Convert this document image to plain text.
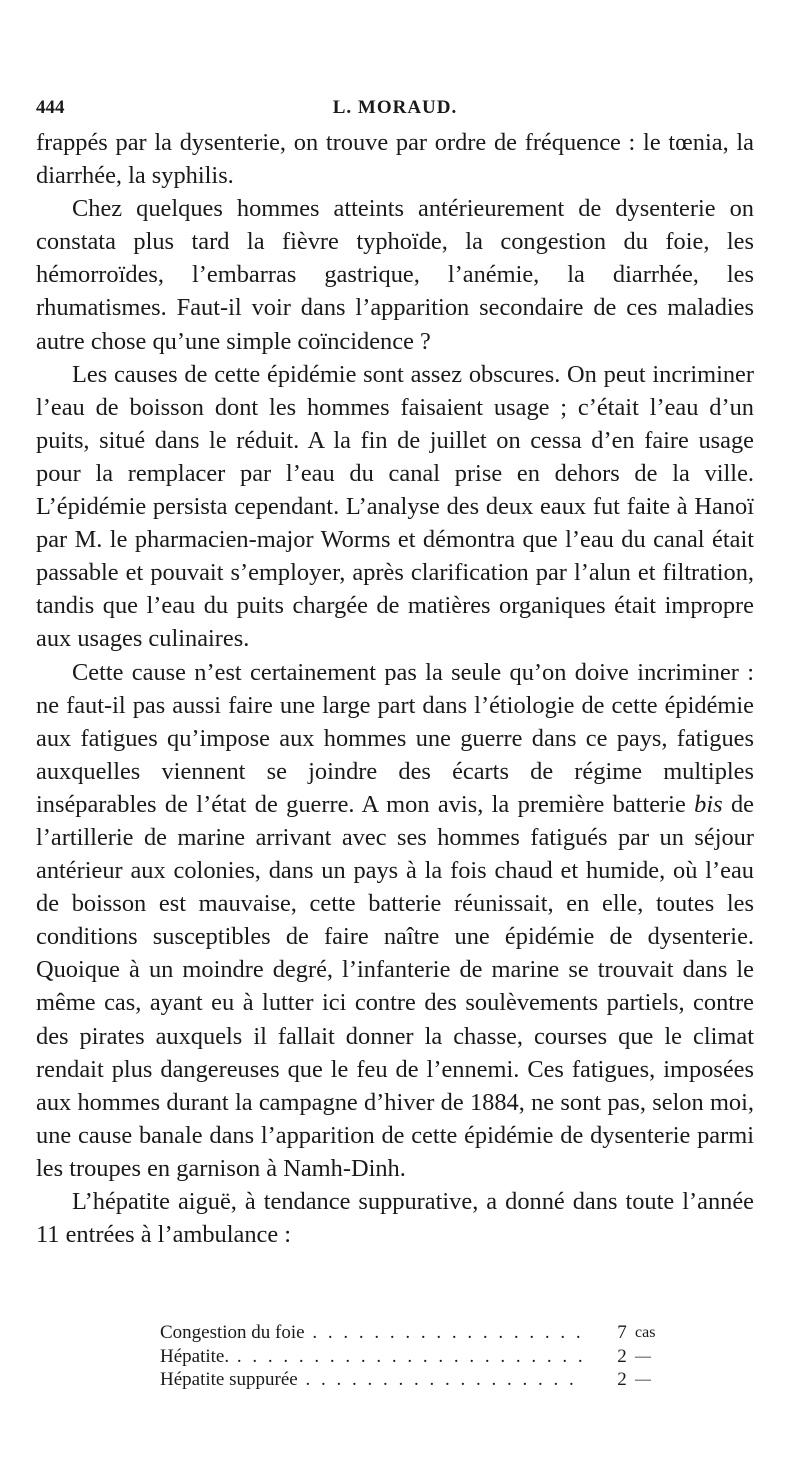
444	L. MORAUD.

frappés par la dysenterie, on trouve par ordre de fréquence : le tœnia, la diarrhée, la syphilis.

Chez quelques hommes atteints antérieurement de dysenterie on constata plus tard la fièvre typhoïde, la congestion du foie, les hémorroïdes, l’embarras gastrique, l’anémie, la diarrhée, les rhumatismes. Faut-il voir dans l’apparition secondaire de ces maladies autre chose qu’une simple coïncidence ?

Les causes de cette épidémie sont assez obscures. On peut incriminer l’eau de boisson dont les hommes faisaient usage ; c’était l’eau d’un puits, situé dans le réduit. A la fin de juillet on cessa d’en faire usage pour la remplacer par l’eau du canal prise en dehors de la ville. L’épidémie persista cependant. L’analyse des deux eaux fut faite à Hanoï par M. le pharmacien-major Worms et démontra que l’eau du canal était passable et pouvait s’employer, après clarification par l’alun et filtration, tandis que l’eau du puits chargée de matières organiques était impropre aux usages culinaires.

Cette cause n’est certainement pas la seule qu’on doive incriminer : ne faut-il pas aussi faire une large part dans l’étiologie de cette épidémie aux fatigues qu’impose aux hommes une guerre dans ce pays, fatigues auxquelles viennent se joindre des écarts de régime multiples inséparables de l’état de guerre. A mon avis, la première batterie bis de l’artillerie de marine arrivant avec ses hommes fatigués par un séjour antérieur aux colonies, dans un pays à la fois chaud et humide, où l’eau de boisson est mauvaise, cette batterie réunissait, en elle, toutes les conditions susceptibles de faire naître une épidémie de dysenterie. Quoique à un moindre degré, l’infanterie de marine se trouvait dans le même cas, ayant eu à lutter ici contre des soulèvements partiels, contre des pirates auxquels il fallait donner la chasse, courses que le climat rendait plus dangereuses que le feu de l’ennemi. Ces fatigues, imposées aux hommes durant la campagne d’hiver de 1884, ne sont pas, selon moi, une cause banale dans l’apparition de cette épidémie de dysenterie parmi les troupes en garnison à Namh-Dinh.

L’hépatite aiguë, à tendance suppurative, a donné dans toute l’année 11 entrées à l’ambulance :

Congestion du foie . . .	7 cas
Hépatite. . . .	2 —
Hépatite suppurée . . .	2 —
